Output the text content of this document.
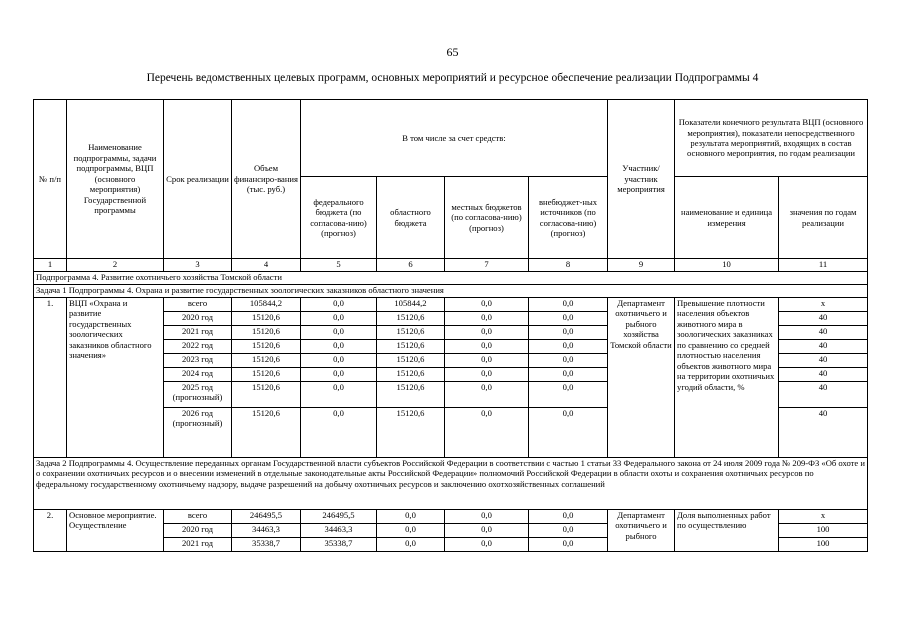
65
Перечень ведомственных целевых программ, основных мероприятий и ресурсное обеспечение реализации Подпрограммы 4
№ п/п	Наименование подпрограммы, задачи подпрограммы, ВЦП (основного мероприятия) Государственной программы	Срок реализации	Объем финансиро-вания (тыс. руб.)	В том числе за счет средств:				Участник/ участник мероприятия	Показатели конечного результата ВЦП (основного мероприятия), показатели непосредственного результата мероприятий, входящих в состав основного мероприятия, по годам реализации	
				федерального бюджета (по согласова-нию) (прогноз)	областного бюджета	местных бюджетов (по согласова-нию) (прогноз)	внебюджет-ных источников (по согласова-нию) (прогноз)		наименование и единица измерения	значения по годам реализации
1	2	3	4	5	6	7	8	9	10	11
Подпрограмма 4. Развитие охотничьего хозяйства Томской области										
Задача 1 Подпрограммы 4. Охрана и развитие государственных зоологических заказников областного значения										
1.	ВЦП «Охрана и развитие государственных зоологических заказников областного значения»	всего	105844,2	0,0	105844,2	0,0	0,0	Департамент охотничьего и рыбного хозяйства Томской области	Превышение плотности населения объектов животного мира в зоологических заказниках по сравнению со средней плотностью населения объектов животного мира на территории охотничьих угодий области, %	x
		2020 год	15120,6	0,0	15120,6	0,0	0,0			40
		2021 год	15120,6	0,0	15120,6	0,0	0,0			40
		2022 год	15120,6	0,0	15120,6	0,0	0,0			40
		2023 год	15120,6	0,0	15120,6	0,0	0,0			40
		2024 год	15120,6	0,0	15120,6	0,0	0,0			40
		2025 год (прогнозный)	15120,6	0,0	15120,6	0,0	0,0			40
		2026 год (прогнозный)	15120,6	0,0	15120,6	0,0	0,0			40
Задача 2 Подпрограммы 4. Осуществление переданных органам Государственной власти субъектов Российской Федерации в соответствии с частью 1 статьи 33 Федерального закона от 24 июля 2009 года № 209-ФЗ «Об охоте и о сохранении охотничьих ресурсов и о внесении изменений в отдельные законодательные акты Российской Федерации» полномочий Российской Федерации в области охоты и сохранения охотничьих ресурсов по федеральному государственному охотничьему надзору, выдаче разрешений на добычу охотничьих ресурсов и заключению охотхозяйственных соглашений										
2.	Основное мероприятие. Осуществление	всего	246495,5	246495,5	0,0	0,0	0,0	Департамент охотничьего и рыбного	Доля выполненных работ по осуществлению	x
		2020 год	34463,3	34463,3	0,0	0,0	0,0			100
		2021 год	35338,7	35338,7	0,0	0,0	0,0			100
